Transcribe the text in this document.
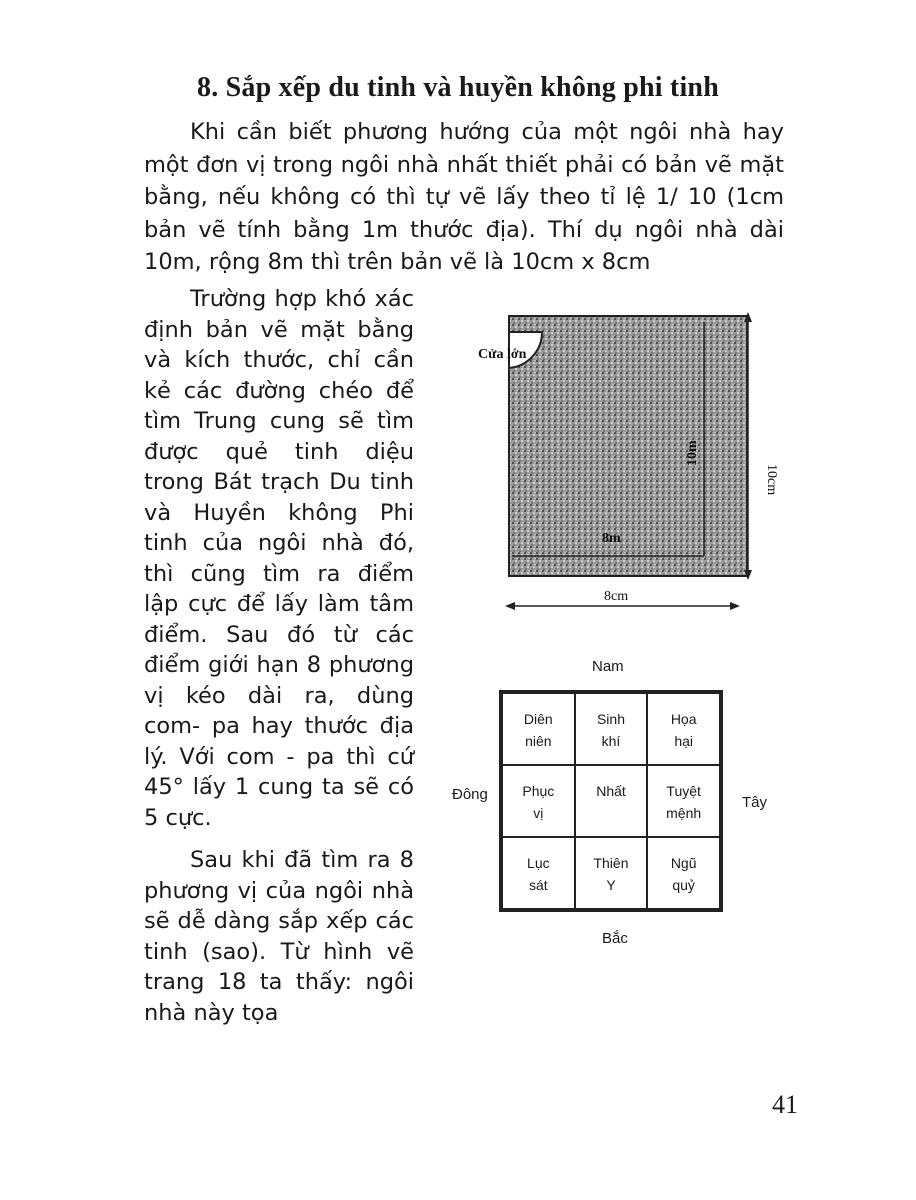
8. Sắp xếp du tinh và huyền không phi tinh

Khi cần biết phương hướng của một ngôi nhà hay một đơn vị trong ngôi nhà nhất thiết phải có bản vẽ mặt bằng, nếu không có thì tự vẽ lấy theo tỉ lệ 1/ 10 (1cm bản vẽ tính bằng 1m thước địa). Thí dụ ngôi nhà dài 10m, rộng 8m thì trên bản vẽ là 10cm x 8cm

Trường hợp khó xác định bản vẽ mặt bằng và kích thước, chỉ cần kẻ các đường chéo để tìm Trung cung sẽ tìm được quẻ tinh diệu trong Bát trạch Du tinh và Huyền không Phi tinh của ngôi nhà đó, thì cũng tìm ra điểm lập cực để lấy làm tâm điểm. Sau đó từ các điểm giới hạn 8 phương vị kéo dài ra, dùng com- pa hay thước địa lý. Với com - pa thì cứ 45° lấy 1 cung ta sẽ có 5 cực.

Sau khi đã tìm ra 8 phương vị của ngôi nhà sẽ dễ dàng sắp xếp các tinh (sao). Từ hình vẽ trang 18 ta thấy: ngôi nhà này tọa

Cửa lớn
8m
10m
10cm
8cm
Nam
Đông	Tây
Bắc
Diên
niên
Sinh
khí
Họa
hại
Phục
vị
Nhất	Tuyệt
mệnh
Lục
sát
Thiên
Y
Ngũ
quỷ
41
